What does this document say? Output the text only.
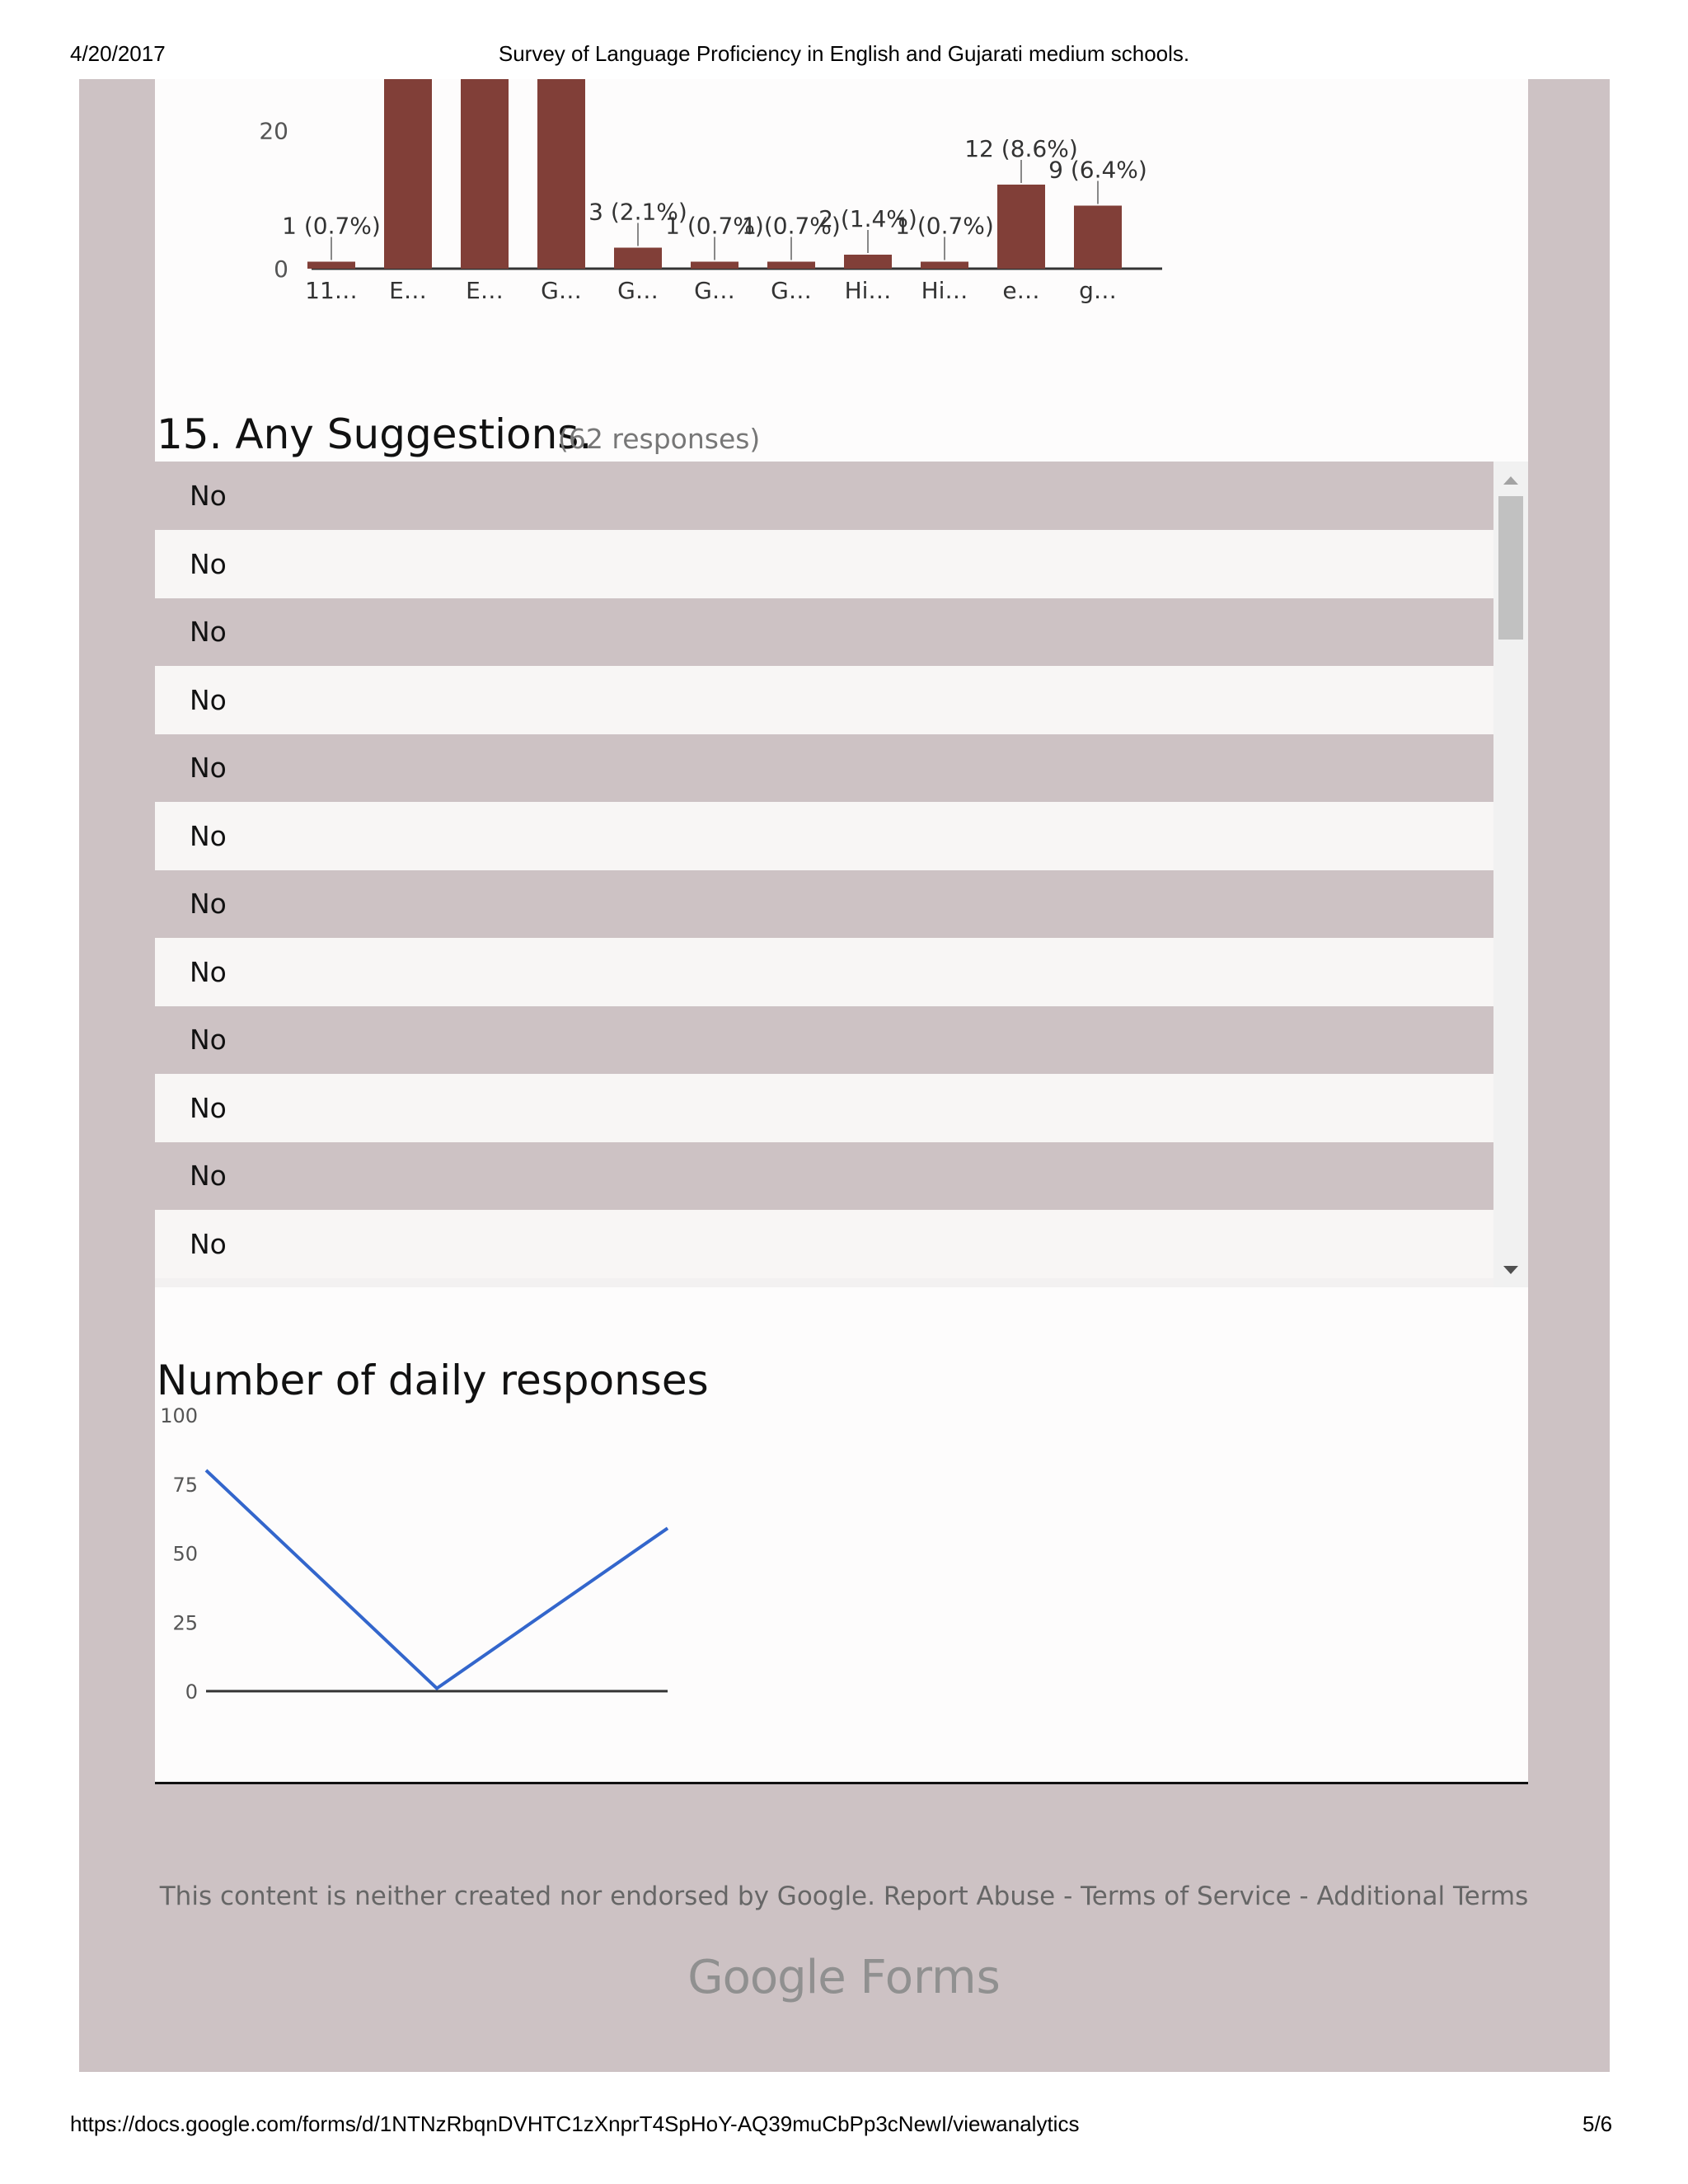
4/20/2017	Survey of Language Proficiency in English and Gujarati medium schools.
0
20
11…
1 (0.7%)
E… E… G… G…
3 (2.1%)
G…
1 (0.7%)
G…
1 (0.7%)
Hi…
2 (1.4%)
Hi…
1 (0.7%)
e…
12 (8.6%)
g…
9 (6.4%)
15. Any Suggestions.
(62 responses)
No
No
No
No
No
No
No
No
No
No
No
No
Number of daily responses
0
25
50
75
100
This content is neither created nor endorsed by Google. Report Abuse - Terms of Service - Additional Terms
Google Forms
https://docs.google.com/forms/d/1NTNzRbqnDVHTC1zXnprT4SpHoY-AQ39muCbPp3cNewI/viewanalytics	5/6
